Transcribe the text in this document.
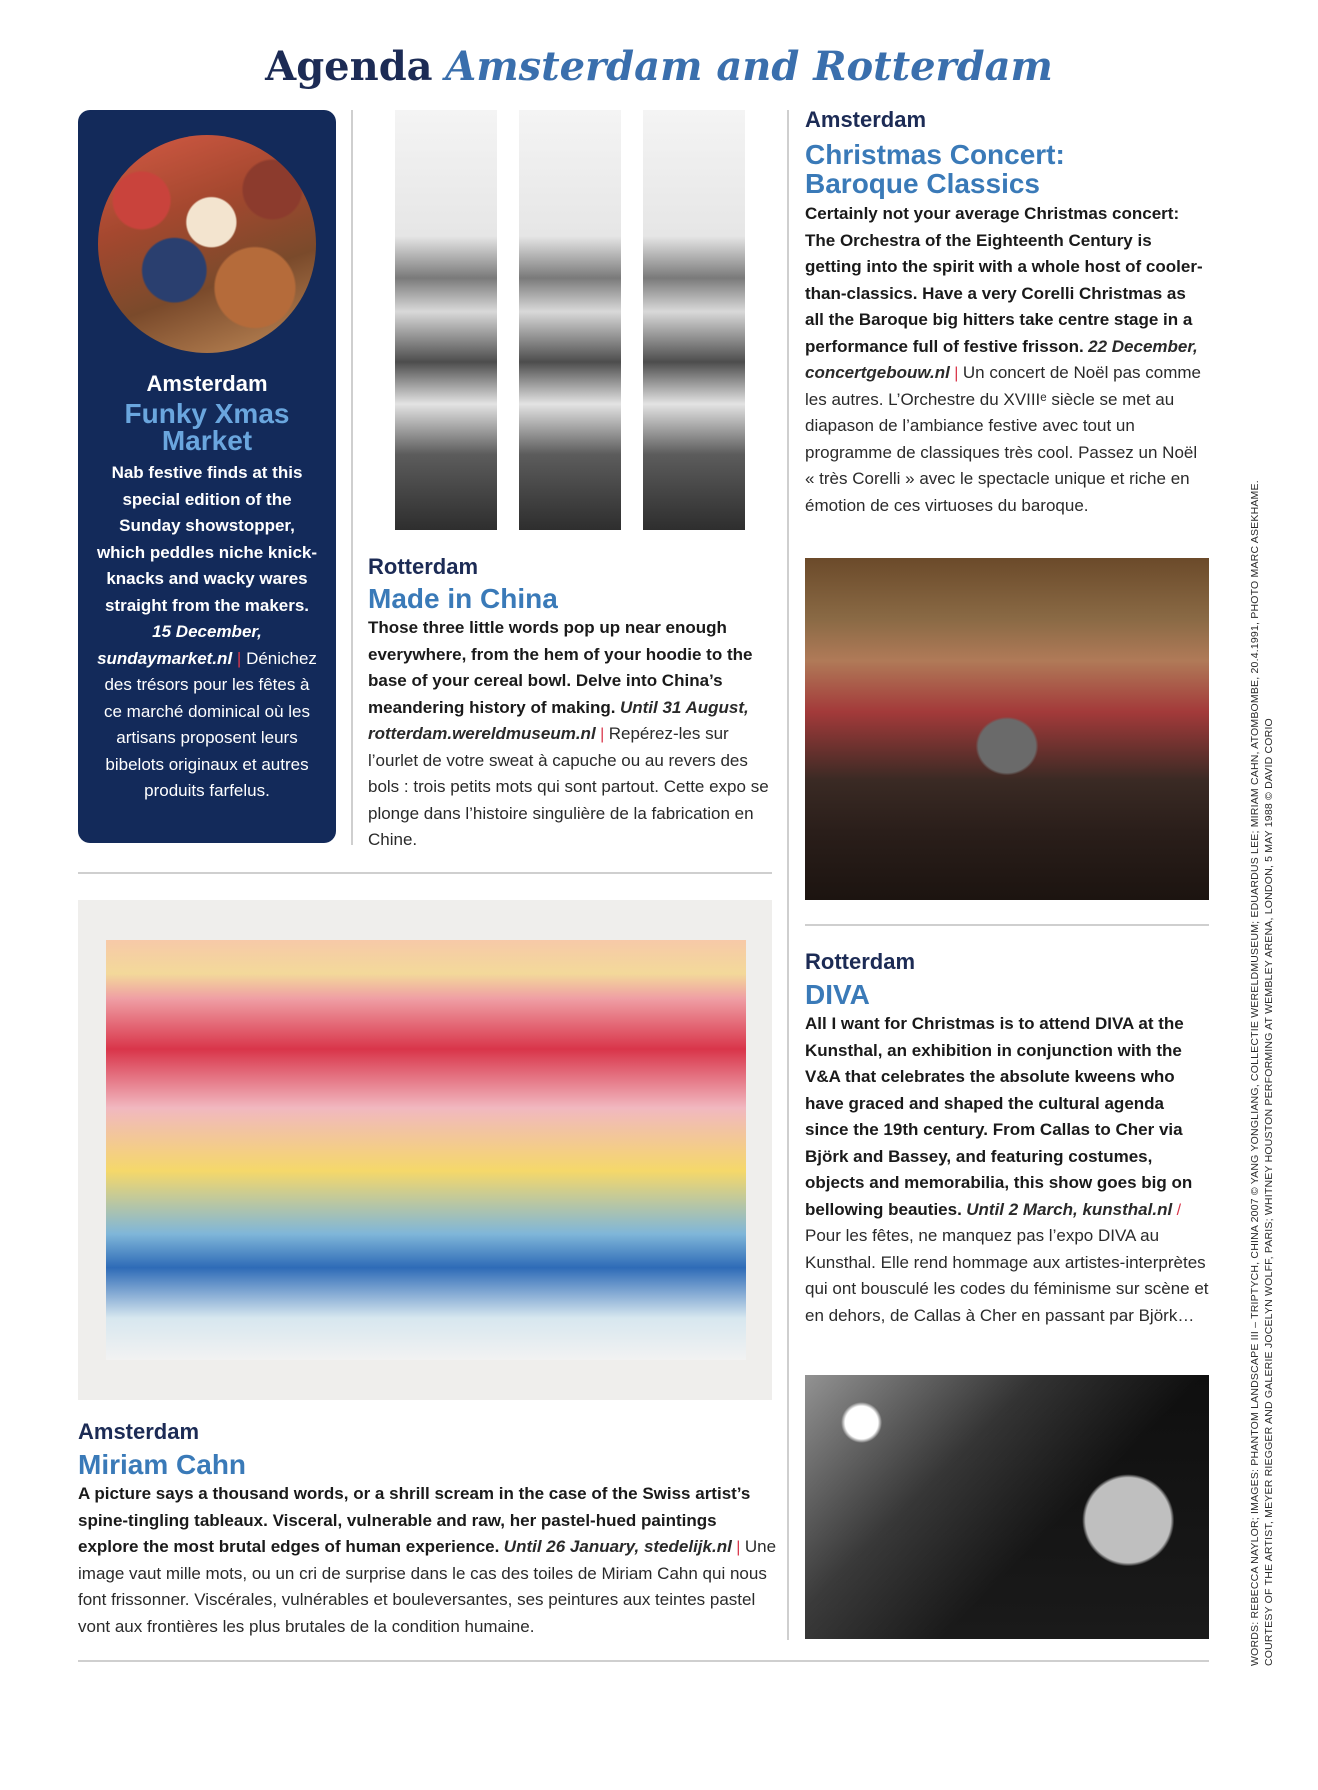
Agenda Amsterdam and Rotterdam
Amsterdam
Funky Xmas Market
Nab festive finds at this special edition of the Sunday showstopper, which peddles niche knick-knacks and wacky wares straight from the makers. 15 December, sundaymarket.nl | Dénichez des trésors pour les fêtes à ce marché dominical où les artisans proposent leurs bibelots originaux et autres produits farfelus.
Rotterdam
Made in China
Those three little words pop up near enough everywhere, from the hem of your hoodie to the base of your cereal bowl. Delve into China’s meandering history of making. Until 31 August, rotterdam.wereldmuseum.nl | Repérez-les sur l’ourlet de votre sweat à capuche ou au revers des bols : trois petits mots qui sont partout. Cette expo se plonge dans l’histoire singulière de la fabrication en Chine.
Amsterdam
Christmas Concert:
Baroque Classics
Certainly not your average Christmas concert: The Orchestra of the Eighteenth Century is getting into the spirit with a whole host of cooler-than-classics. Have a very Corelli Christmas as all the Baroque big hitters take centre stage in a performance full of festive frisson. 22 December, concertgebouw.nl | Un concert de Noël pas comme les autres. L’Orchestre du XVIIIᵉ siècle se met au diapason de l’ambiance festive avec tout un programme de classiques très cool. Passez un Noël « très Corelli » avec le spectacle unique et riche en émotion de ces virtuoses du baroque.
Rotterdam
DIVA
All I want for Christmas is to attend DIVA at the Kunsthal, an exhibition in conjunction with the V&A that celebrates the absolute kweens who have graced and shaped the cultural agenda since the 19th century. From Callas to Cher via Björk and Bassey, and featuring costumes, objects and memorabilia, this show goes big on bellowing beauties. Until 2 March, kunsthal.nl / Pour les fêtes, ne manquez pas l’expo DIVA au Kunsthal. Elle rend hommage aux artistes-interprètes qui ont bousculé les codes du féminisme sur scène et en dehors, de Callas à Cher en passant par Björk…
Amsterdam
Miriam Cahn
A picture says a thousand words, or a shrill scream in the case of the Swiss artist’s spine-tingling tableaux. Visceral, vulnerable and raw, her pastel-hued paintings explore the most brutal edges of human experience. Until 26 January, stedelijk.nl | Une image vaut mille mots, ou un cri de surprise dans le cas des toiles de Miriam Cahn qui nous font frissonner. Viscérales, vulnérables et bouleversantes, ses peintures aux teintes pastel vont aux frontières les plus brutales de la condition humaine.	WORDS: REBECCA NAYLOR; IMAGES: PHANTOM LANDSCAPE III – TRIPTYCH, CHINA 2007 © YANG YONGLIANG, COLLECTIE WERELDMUSEUM; EDUARDUS LEE; MIRIAM CAHN, ATOMBOMBE, 20.4.1991, PHOTO MARC ASEKHAME. COURTESY OF THE ARTIST, MEYER RIEGGER AND GALERIE JOCELYN WOLFF, PARIS; WHITNEY HOUSTON PERFORMING AT WEMBLEY ARENA, LONDON, 5 MAY 1988 © DAVID CORIO
